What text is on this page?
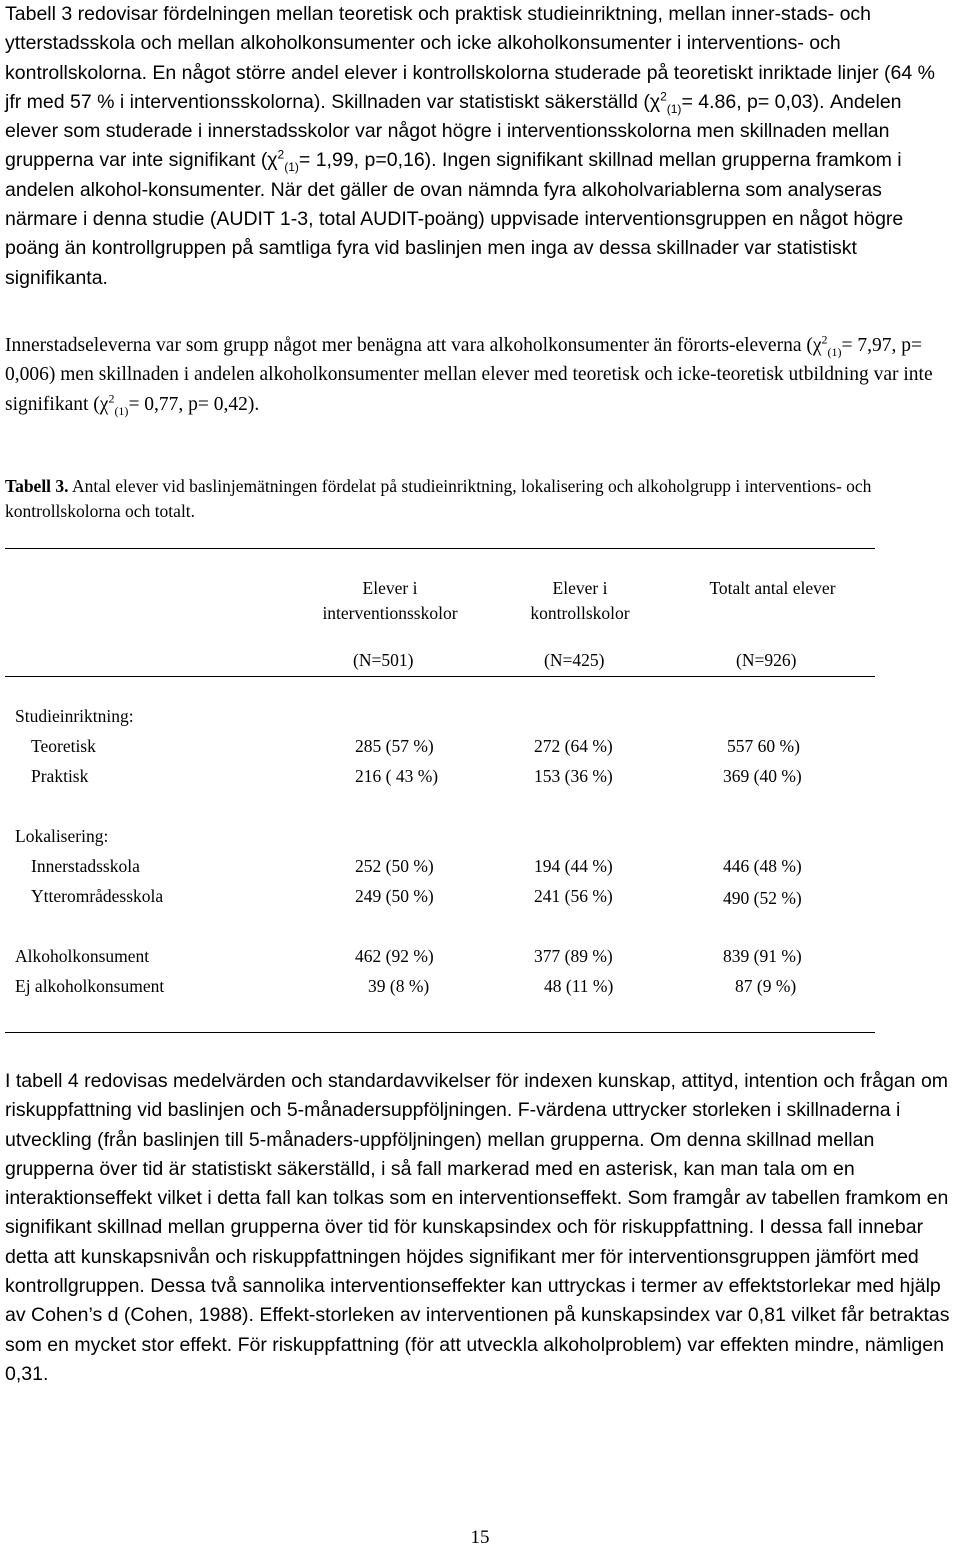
Tabell 3 redovisar fördelningen mellan teoretisk och praktisk studieinriktning, mellan inner-stads- och ytterstadsskola och mellan alkoholkonsumenter och icke alkoholkonsumenter i interventions- och kontrollskolorna. En något större andel elever i kontrollskolorna studerade på teoretiskt inriktade linjer (64 % jfr med 57 % i interventionsskolorna). Skillnaden var statistiskt säkerställd ($\chi^2_{(1)}= 4.86$, p= 0,03). Andelen elever som studerade i innerstadsskolor var något högre i interventionsskolorna men skillnaden mellan grupperna var inte signifikant ($\chi^2_{(1)}= 1,99$, p=0,16). Ingen signifikant skillnad mellan grupperna framkom i andelen alkohol-konsumenter. När det gäller de ovan nämnda fyra alkoholvariablerna som analyseras närmare i denna studie (AUDIT 1-3, total AUDIT-poäng) uppvisade interventionsgruppen en något högre poäng än kontrollgruppen på samtliga fyra vid baslinjen men inga av dessa skillnader var statistiskt signifikanta.

Innerstadseleverna var som grupp något mer benägna att vara alkoholkonsumenter än förorts-eleverna ($\chi^2_{(1)}= 7,97$, p= 0,006) men skillnaden i andelen alkoholkonsumenter mellan elever med teoretisk och icke-teoretisk utbildning var inte signifikant ($\chi^2_{(1)}= 0,77$, p= 0,42).

Tabell 3. Antal elever vid baslinjemätningen fördelat på studieinriktning, lokalisering och alkoholgrupp i interventions- och kontrollskolorna och totalt.

Elever i
interventionsskolor
Elever i
kontrollskolor
Totalt antal elever
(N=501)	(N=425)	(N=926)
Studieinriktning:
Teoretisk	285 (57 %)	272 (64 %)	557 60 %)
Praktisk	216 ( 43 %)	153 (36 %)	369 (40 %)
Lokalisering:
Innerstadsskola	252 (50 %)	194 (44 %)	446 (48 %)
Ytterområdesskola	249 (50 %)	241 (56 %)	490 (52 %)
Alkoholkonsument	462 (92 %)	377 (89 %)	839 (91 %)
Ej alkoholkonsument	39 (8 %)	48 (11 %)	87 (9 %)

I tabell 4 redovisas medelvärden och standardavvikelser för indexen kunskap, attityd, intention och frågan om riskuppfattning vid baslinjen och 5-månadersuppföljningen. F-värdena uttrycker storleken i skillnaderna i utveckling (från baslinjen till 5-månaders-uppföljningen) mellan grupperna. Om denna skillnad mellan grupperna över tid är statistiskt säkerställd, i så fall markerad med en asterisk, kan man tala om en interaktionseffekt vilket i detta fall kan tolkas som en interventionseffekt. Som framgår av tabellen framkom en signifikant skillnad mellan grupperna över tid för kunskapsindex och för riskuppfattning. I dessa fall innebar detta att kunskapsnivån och riskuppfattningen höjdes signifikant mer för interventionsgruppen jämfört med kontrollgruppen. Dessa två sannolika interventionseffekter kan uttryckas i termer av effektstorlekar med hjälp av Cohen’s d (Cohen, 1988). Effekt-storleken av interventionen på kunskapsindex var 0,81 vilket får betraktas som en mycket stor effekt. För riskuppfattning (för att utveckla alkoholproblem) var effekten mindre, nämligen 0,31.

15
